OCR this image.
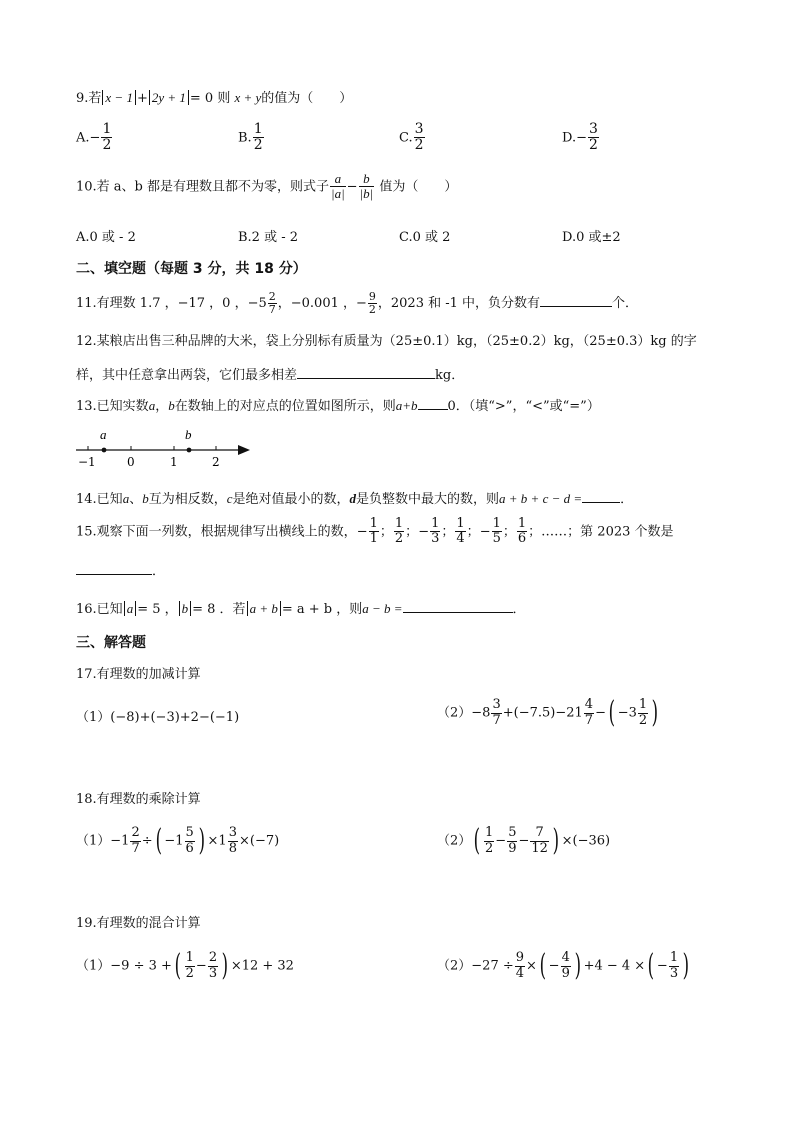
9.若 x − 1 + 2y + 1 = 0 则 x + y的值为（　　）
$A.- \frac{1}{2}$	B. $\frac{1}{2}$	C. $\frac{3}{2}$	$D.- \frac{3}{2}$
10.若 a、b 都是有理数且都不为零，则式子 $\frac{a}{|a|} - \frac{b}{|b|}$ 值为（　　）
A.0 或 - 2	B.2 或 - 2	C.0 或 2	D.0 或±2
二、填空题（每题 3 分，共 18 分）
11.有理数 1.7 ，−17 ，0 ，$-5 \frac{2}{7}$ ，−0.001 ，− $\frac{9}{2}$ ，2023 和 -1 中，负分数有	个．
12.某粮店出售三种品牌的大米，袋上分别标有质量为（25±0.1）kg，（25±0.2）kg，（25±0.3）kg 的字
样，其中任意拿出两袋，它们最多相差	kg．
13.已知实数a，b在数轴上的对应点的位置如图所示，则a+b 0．（填“>”，“<”或“=”）
a	b
−1	0	1	2
14.已知a、b互为相反数，c是绝对值最小的数，d是负整数中最大的数，则a + b + c − d =	．
15.观察下面一列数，根据规律写出横线上的数，− $\frac{1}{1}$ ； $\frac{1}{2}$ ；− $\frac{1}{3}$ ； $\frac{1}{4}$ ；− $\frac{1}{5}$ ； $\frac{1}{6}$ ；……；第 2023 个数是
．
16.已知 a = 5 ， b = 8 ．若 a + b = a + b ，则a − b =	．
三、解答题
17.有理数的加减计算
（1）(−8)+(−3)+2−(−1)	$(2)-8 \frac{3}{7} +(-7.5)-21 \frac{4}{7}$ −( $-3 \frac{1}{2}$ )
18.有理数的乘除计算
$(1)-1 \frac{2}{7}$ ÷( $-1 \frac{5}{6}$ ) $\times 1 \frac{3}{8} \times(-7)$	$(2)( \frac{1}{2} - \frac{5}{9} - \frac{7}{12}$ ) ×(−36)
19.有理数的混合计算
（1）−9 ÷ 3 +( $\frac{1}{2} - \frac{2}{3}$ ) ×12 + 32	$(2)-27 \div \frac{9}{4}$ ×( − $\frac{4}{9}$ ) +4 − 4 ×( − $\frac{1}{3}$ )
